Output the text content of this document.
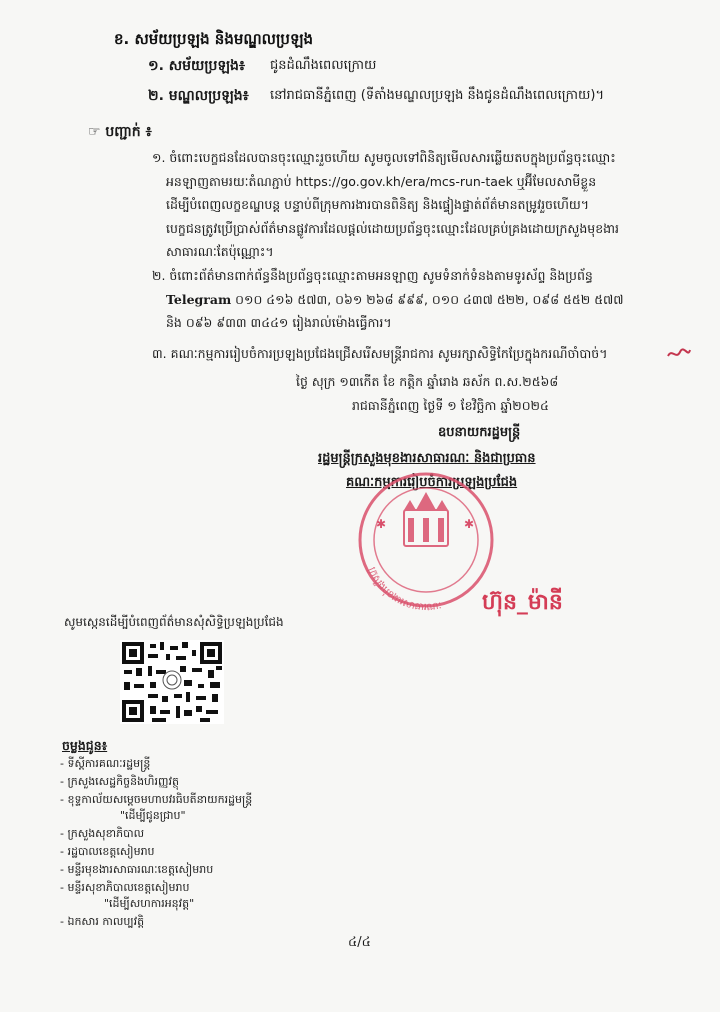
ខ. សម័យប្រឡង និងមណ្ឌលប្រឡង
១. សម័យប្រឡង៖ ជូនដំណឹងពេលក្រោយ
២. មណ្ឌលប្រឡង៖ នៅរាជធានីភ្នំពេញ (ទីតាំងមណ្ឌលប្រឡង នឹងជូនដំណឹងពេលក្រោយ)។
☞ បញ្ជាក់ ៖
១. ចំពោះបេក្ខជនដែលបានចុះឈ្មោះរួចហើយ សូមចូលទៅពិនិត្យមើលសារឆ្លើយតបក្នុងប្រព័ន្ធចុះឈ្មោះ
អនឡាញតាមរយៈតំណភ្ជាប់ https://go.gov.kh/era/mcs-run-taek ឬអ៊ីមែលសាមីខ្លួន
ដើម្បីបំពេញលក្ខខណ្ឌបន្ត បន្ទាប់ពីក្រុមការងារបានពិនិត្យ និងផ្ទៀងផ្ទាត់ព័ត៌មានតម្រូវរួចហើយ។
បេក្ខជនត្រូវប្រើប្រាស់ព័ត៌មានផ្លូវការដែលផ្ដល់ដោយប្រព័ន្ធចុះឈ្មោះដែលគ្រប់គ្រងដោយក្រសួងមុខងារ
សាធារណៈតែប៉ុណ្ណោះ។
២. ចំពោះព័ត៌មានពាក់ព័ន្ធនឹងប្រព័ន្ធចុះឈ្មោះតាមអនឡាញ សូមទំនាក់ទំនងតាមទូរស័ព្ទ និងប្រព័ន្ធ
Telegram ០១០ ៤១៦ ៥៧៣, ០៦១ ២៦៨ ៩៩៩, ០១០ ៤៣៧ ៥២២, ០៩៨ ៥៥២ ៥៧៧
និង ០៩៦ ៩៣៣ ៣៤៤១ រៀងរាល់ម៉ោងធ្វើការ។
៣. គណៈកម្មការរៀបចំការប្រឡងប្រជែងជ្រើសរើសមន្ត្រីរាជការ សូមរក្សាសិទ្ធិកែប្រែក្នុងករណីចាំបាច់។
ថ្ងៃ សុក្រ ១៣កើត ខែ កត្តិក ឆ្នាំរោង ឆស័ក ព.ស.២៥៦៨
រាជធានីភ្នំពេញ ថ្ងៃទី ១ ខែវិច្ឆិកា ឆ្នាំ២០២៤
ឧបនាយករដ្ឋមន្ត្រី
រដ្ឋមន្ត្រីក្រសួងមុខងារសាធារណៈ និងជាប្រធាន
គណៈកម្មការរៀបចំការប្រឡងប្រជែង
✱	✱
ក្រសួងមុខងារសាធារណៈ ហ៊ុន_ម៉ានី
សូមស្កេនដើម្បីបំពេញព័ត៌មានសុំសិទ្ធិប្រឡងប្រជែង
ចម្លងជូន៖
- ទីស្ដីការគណៈរដ្ឋមន្ត្រី
- ក្រសួងសេដ្ឋកិច្ចនិងហិរញ្ញវត្ថុ
- ខុទ្ទកាល័យសម្ដេចមហាបវរធិបតីនាយករដ្ឋមន្ត្រី
"ដើម្បីជូនជ្រាប"
- ក្រសួងសុខាភិបាល
- រដ្ឋបាលខេត្តសៀមរាប
- មន្ទីរមុខងារសាធារណៈខេត្តសៀមរាប
- មន្ទីរសុខាភិបាលខេត្តសៀមរាប
"ដើម្បីសហការអនុវត្ត"
- ឯកសារ កាលប្បវត្តិ
៤/៤
